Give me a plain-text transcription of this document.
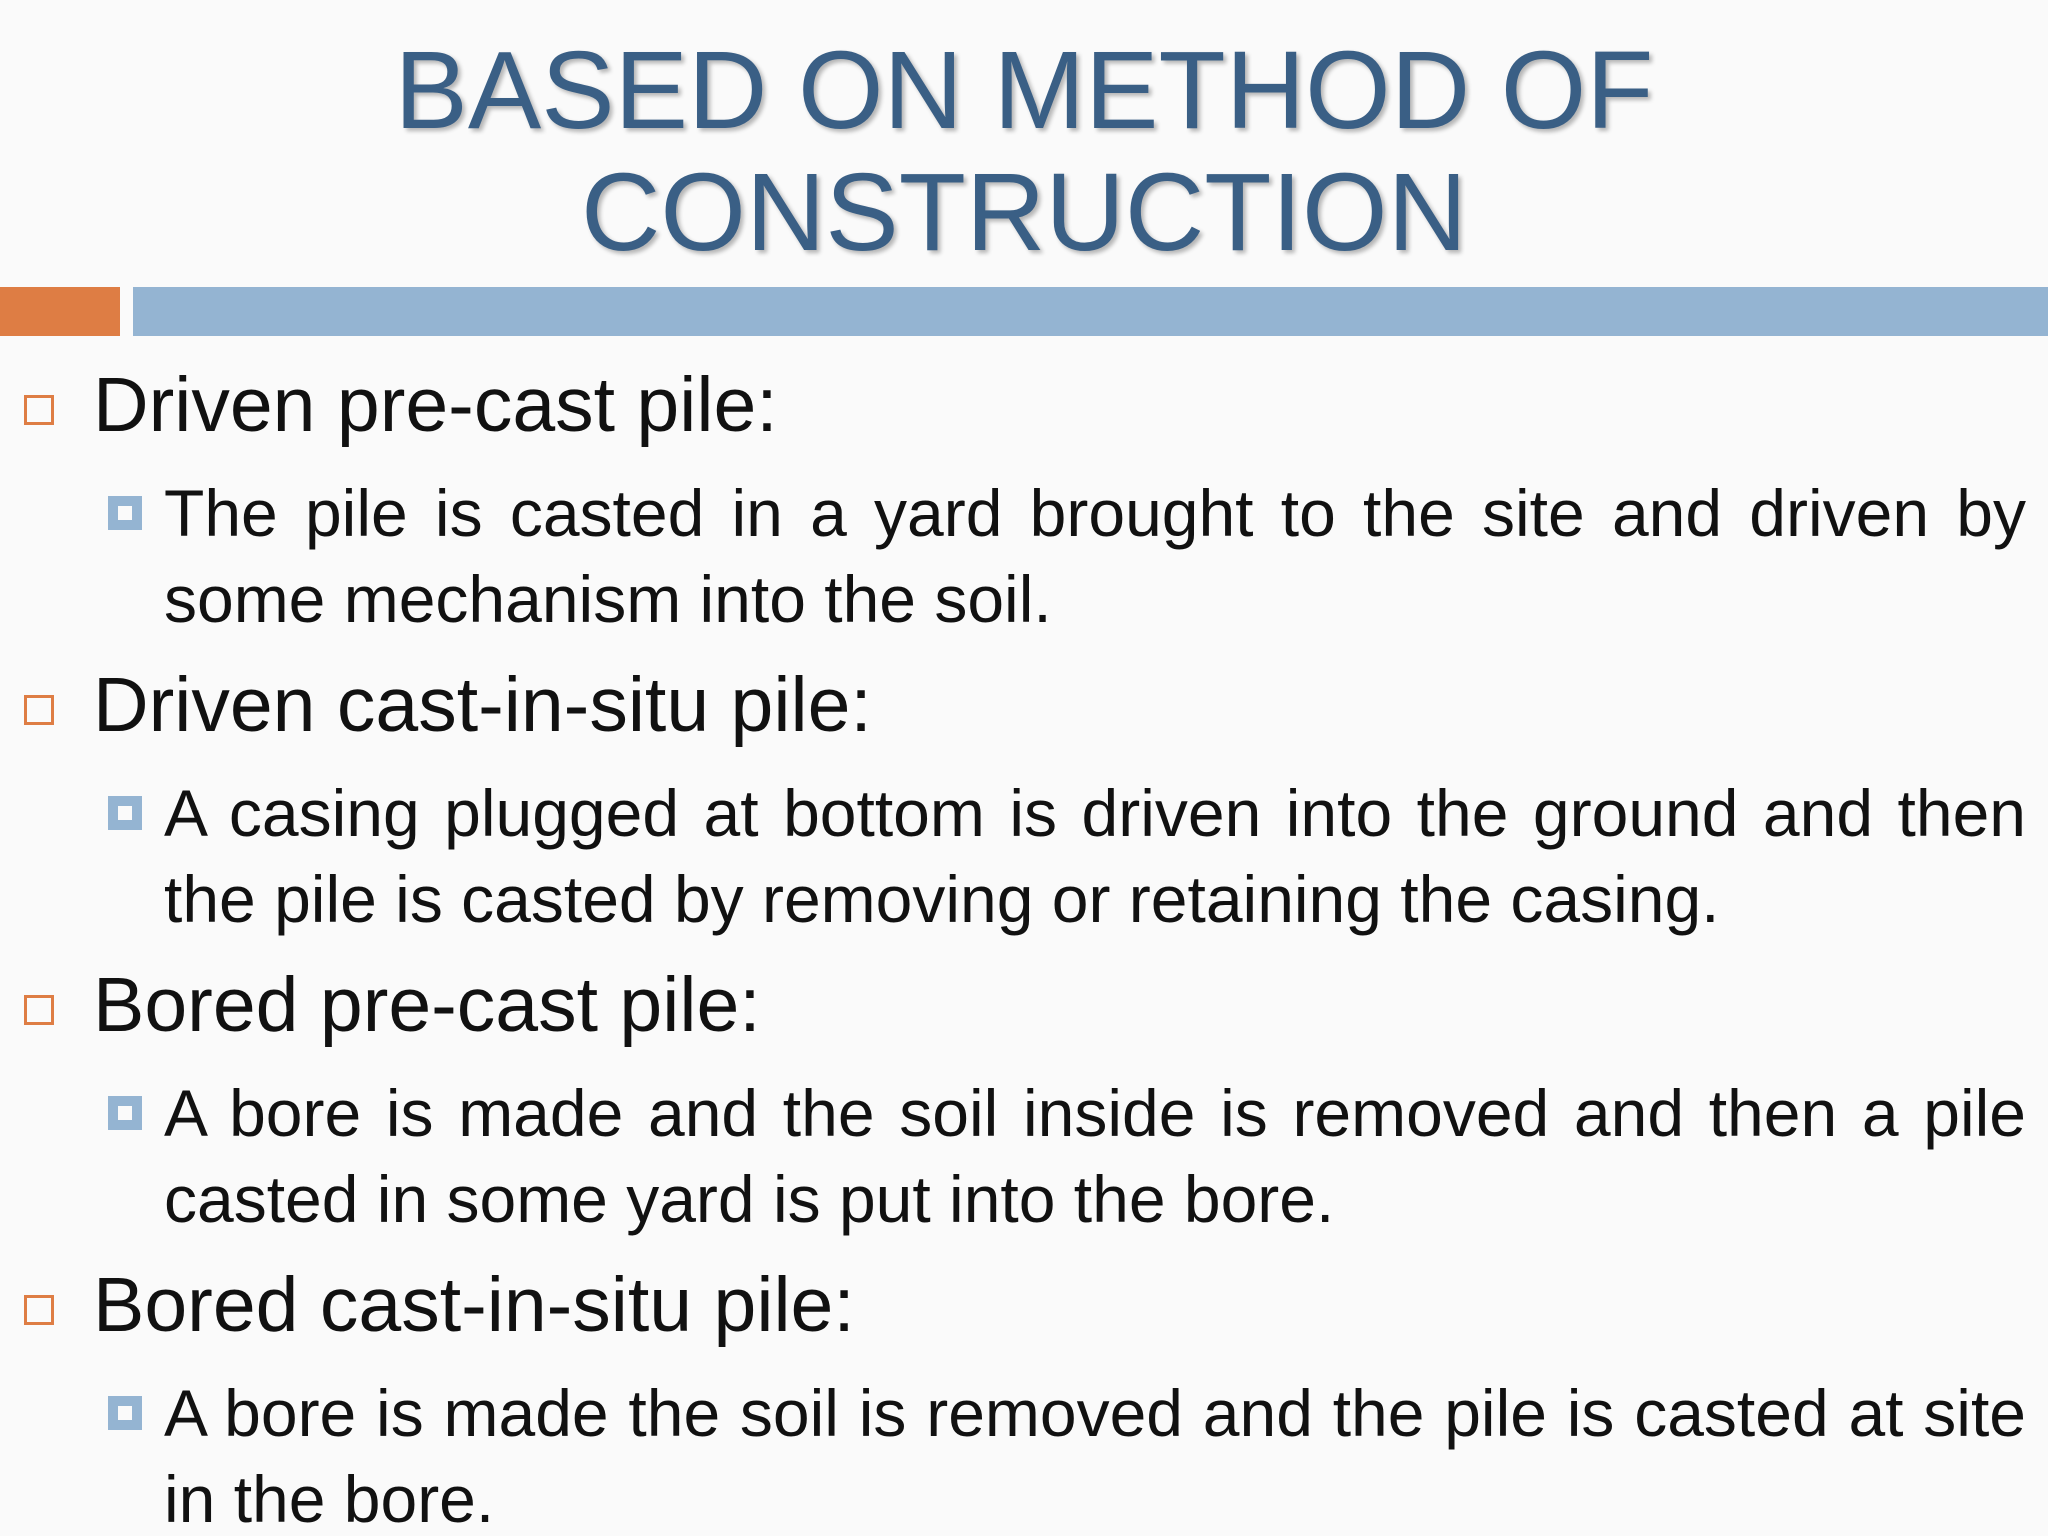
BASED ON METHOD OF
CONSTRUCTION
Driven pre-cast pile:
The pile is casted in a yard brought to the site and driven by some mechanism into the soil.
Driven cast-in-situ pile:
A casing plugged at bottom is driven into the ground and then the pile is casted by removing or retaining the casing.
Bored pre-cast pile:
A bore is made and the soil inside is removed and then a pile casted in some yard is put into the bore.
Bored cast-in-situ pile:
A bore is made the soil is removed and the pile is casted at site in the bore.
